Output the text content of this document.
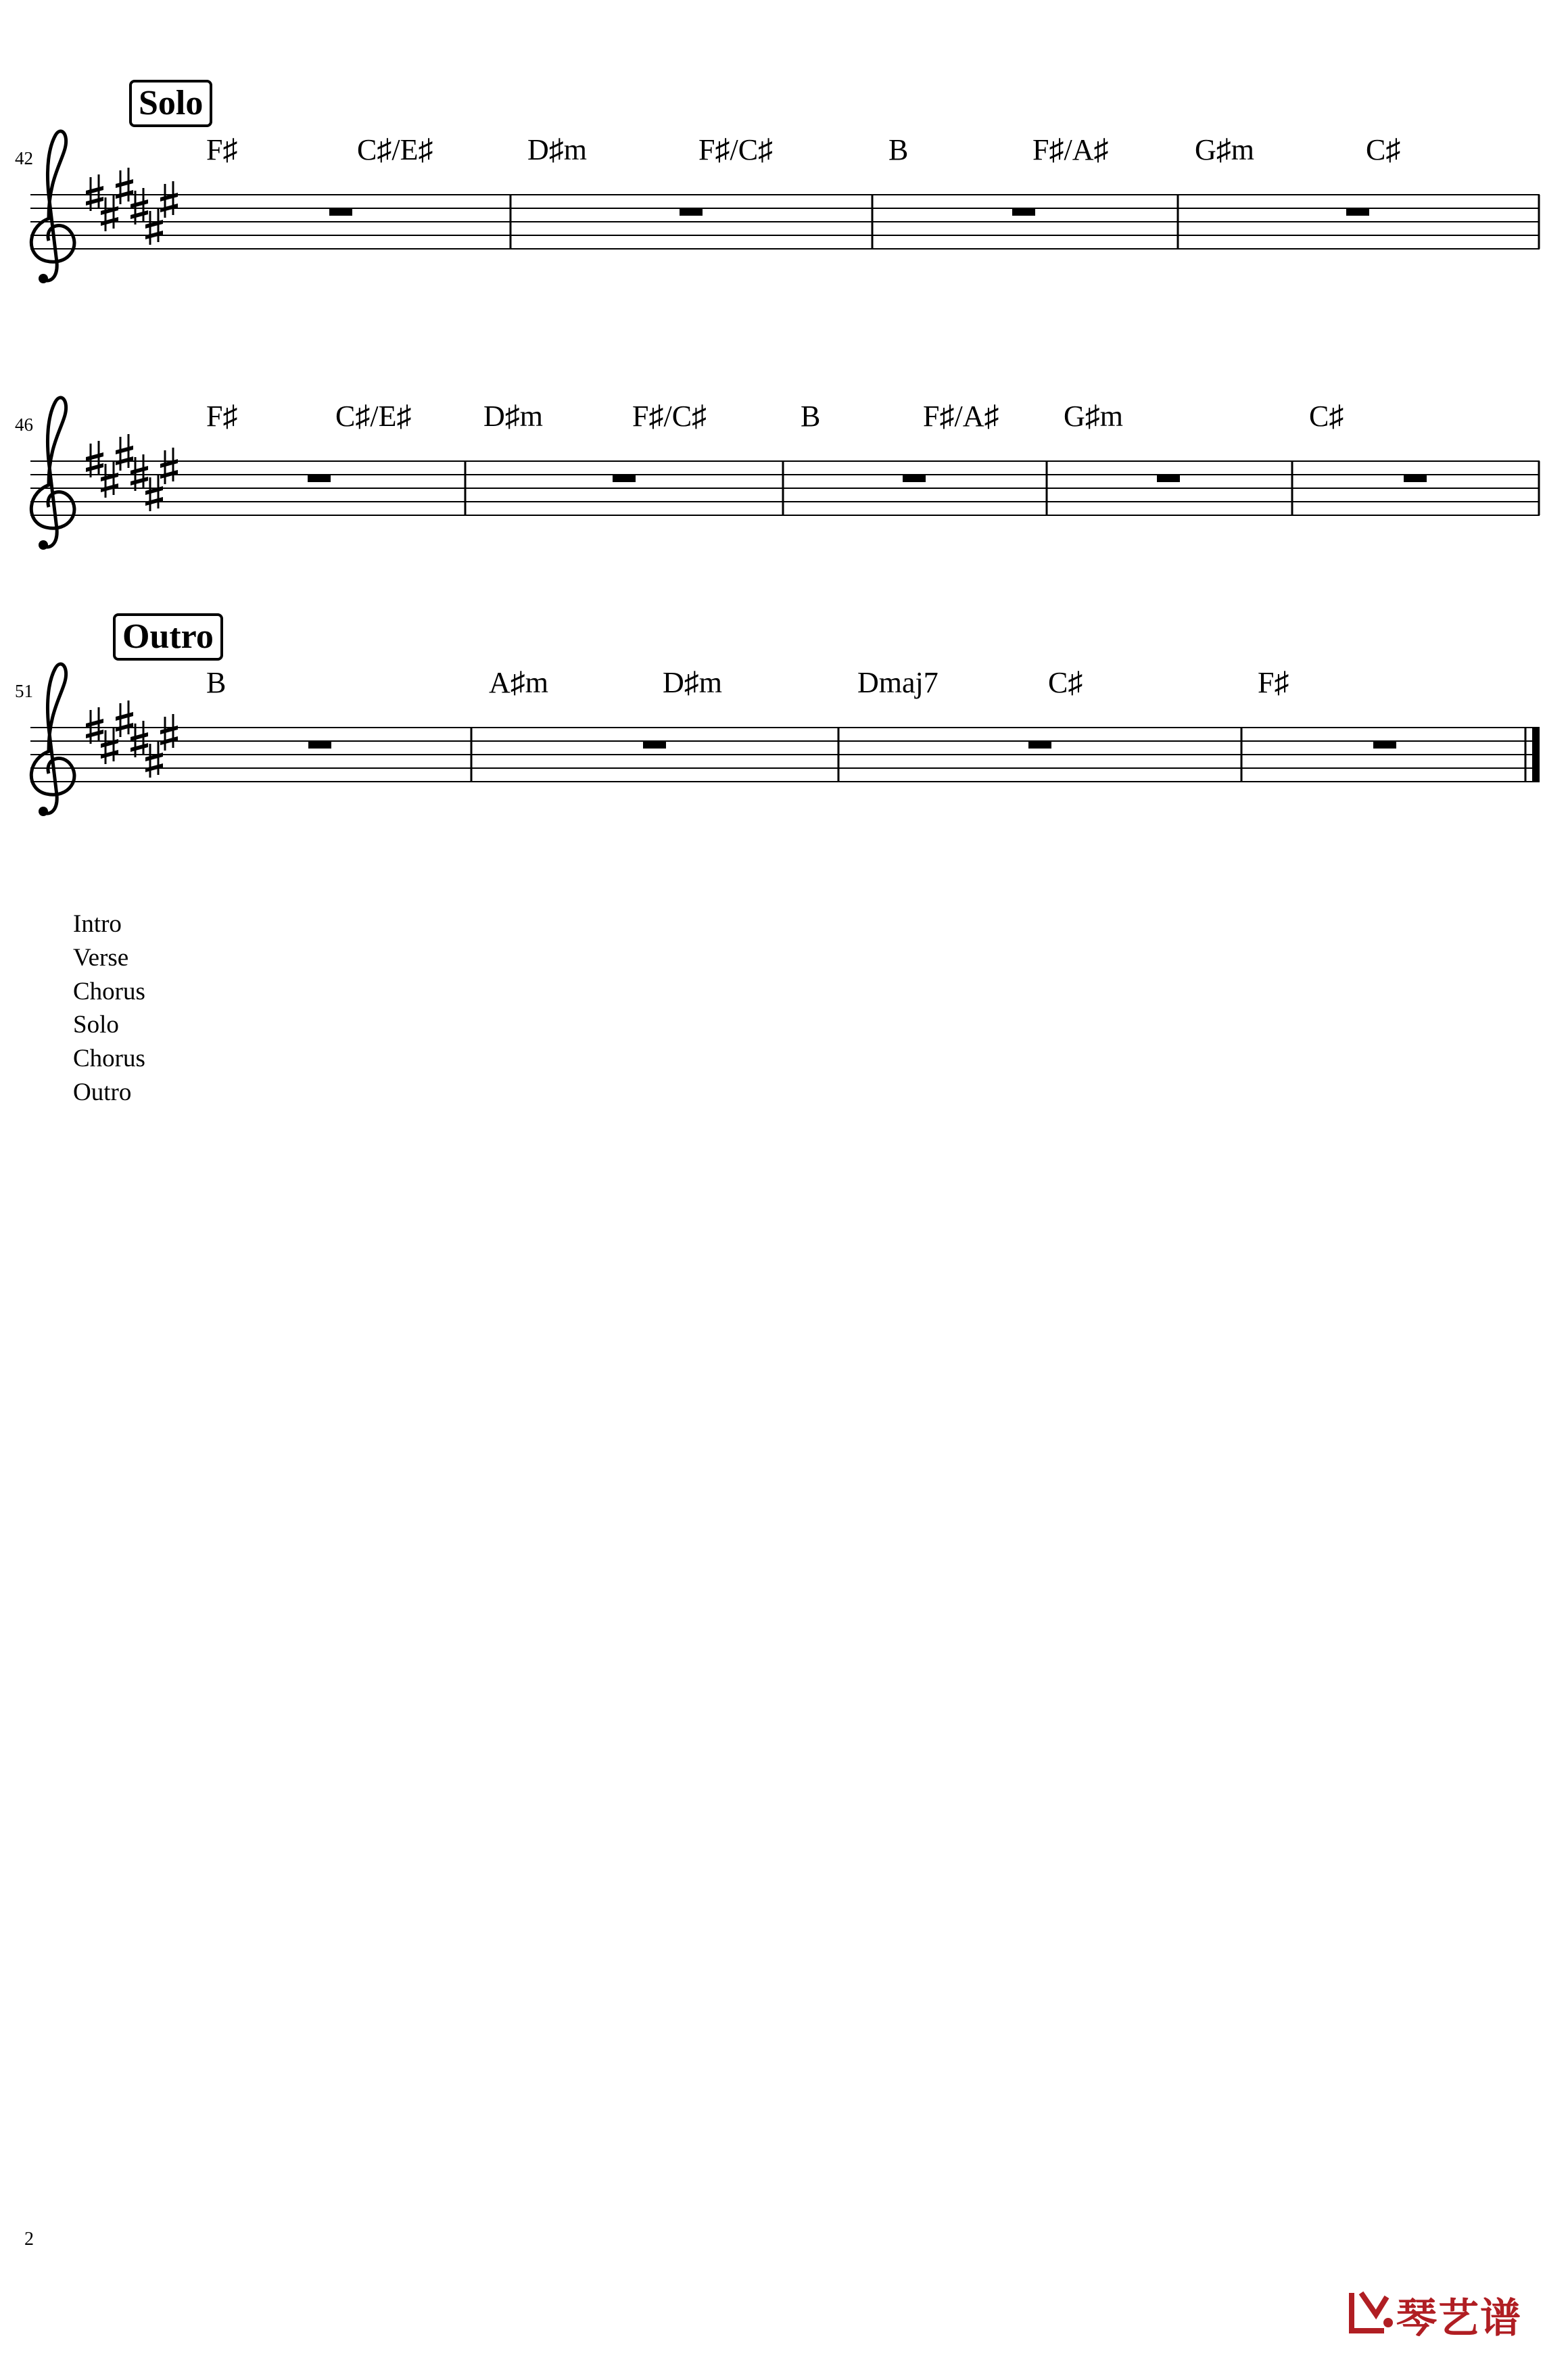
Solo
Outro
42
46
51
F♯	C♯/E♯	D♯m	F♯/C♯	B	F♯/A♯	G♯m	C♯
F♯	C♯/E♯ D♯m	F♯/C♯	B	F♯/A♯ G♯m	C♯
B	A♯m	D♯m	Dmaj7	C♯	F♯
Intro
Verse
Chorus
Solo
Chorus
Outro
2
琴艺谱
